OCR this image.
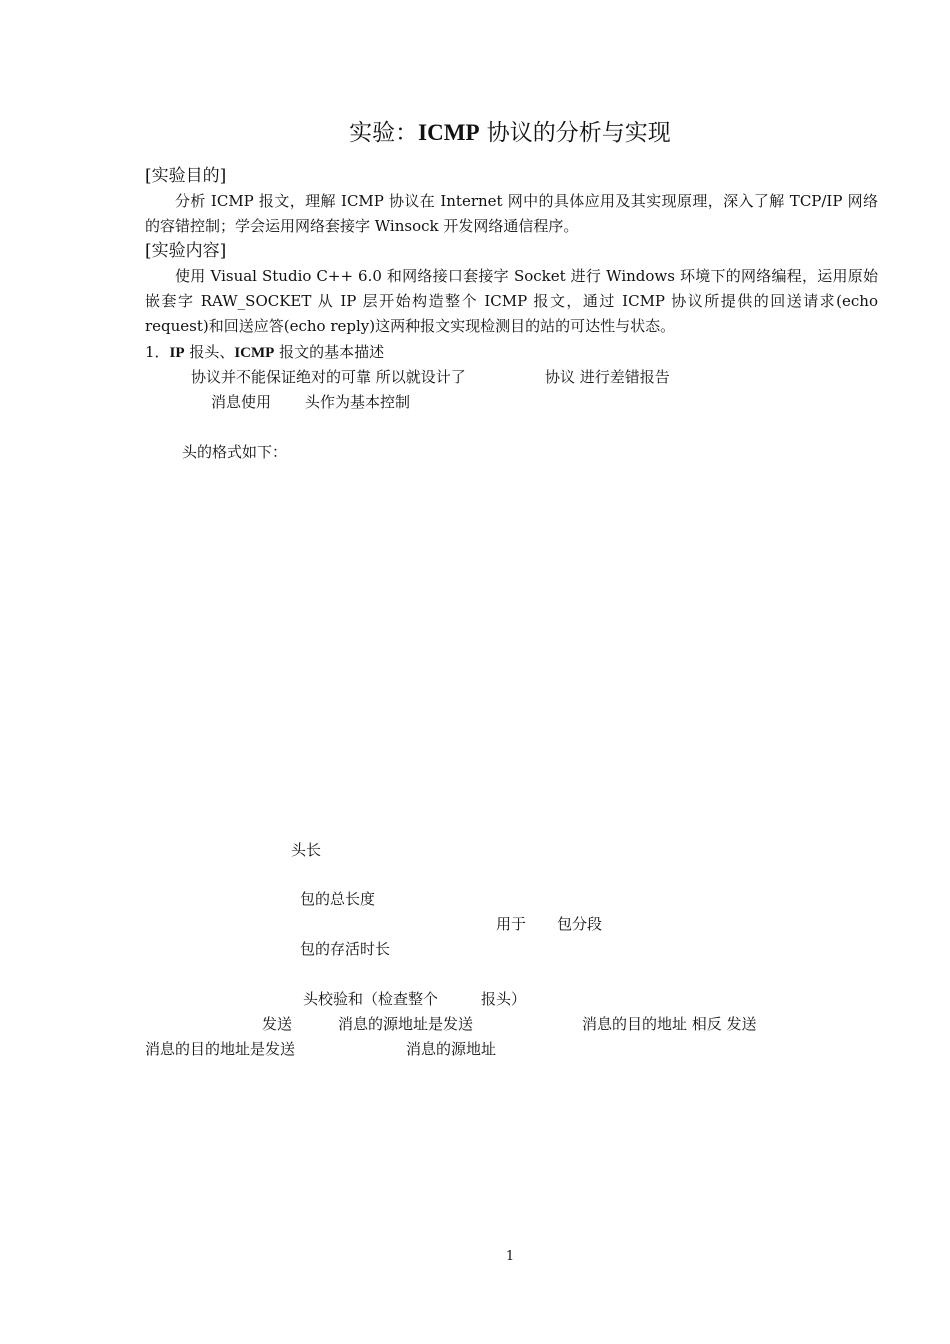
实验：ICMP 协议的分析与实现
[实验目的]
分析 ICMP 报文，理解 ICMP 协议在 Internet 网中的具体应用及其实现原理，深入了解 TCP/IP 网络的容错控制；学会运用网络套接字 Winsock 开发网络通信程序。
[实验内容]
使用 Visual Studio C++ 6.0 和网络接口套接字 Socket 进行 Windows 环境下的网络编程，运用原始嵌套字 RAW_SOCKET 从 IP 层开始构造整个 ICMP 报文，通过 ICMP 协议所提供的回送请求(echo request)和回送应答(echo reply)这两种报文实现检测目的站的可达性与状态。
1．IP 报头、ICMP 报文的基本描述
协议并不能保证绝对的可靠 所以就设计了	协议 进行差错报告
消息使用 头作为基本控制
头的格式如下：
头长
包的总长度
用于 包分段
包的存活时长
头校验和（检查整个	报头）
发送	消息的源地址是发送	消息的目的地址 相反 发送
消息的目的地址是发送	消息的源地址
1
